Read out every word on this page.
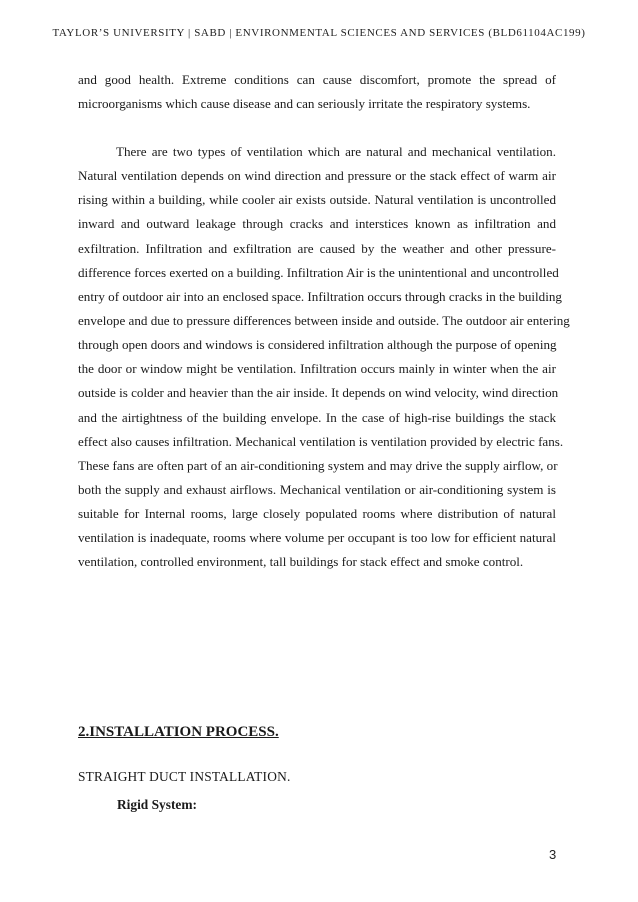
TAYLOR’S UNIVERSITY | SABD | ENVIRONMENTAL SCIENCES AND SERVICES (BLD61104AC199)
and good health. Extreme conditions can cause discomfort, promote the spread of
microorganisms which cause disease and can seriously irritate the respiratory systems.
There are two types of ventilation which are natural and mechanical ventilation.
Natural ventilation depends on wind direction and pressure or the stack effect of warm air
rising within a building, while cooler air exists outside. Natural ventilation is uncontrolled
inward and outward leakage through cracks and interstices known as infiltration and
exfiltration. Infiltration and exfiltration are caused by the weather and other pressure-
difference forces exerted on a building. Infiltration Air is the unintentional and uncontrolled
entry of outdoor air into an enclosed space. Infiltration occurs through cracks in the building
envelope and due to pressure differences between inside and outside. The outdoor air entering
through open doors and windows is considered infiltration although the purpose of opening
the door or window might be ventilation. Infiltration occurs mainly in winter when the air
outside is colder and heavier than the air inside. It depends on wind velocity, wind direction
and the airtightness of the building envelope. In the case of high-rise buildings the stack
effect also causes infiltration. Mechanical ventilation is ventilation provided by electric fans.
These fans are often part of an air-conditioning system and may drive the supply airflow, or
both the supply and exhaust airflows. Mechanical ventilation or air-conditioning system is
suitable for Internal rooms, large closely populated rooms where distribution of natural
ventilation is inadequate, rooms where volume per occupant is too low for efficient natural
ventilation, controlled environment, tall buildings for stack effect and smoke control.
2.INSTALLATION PROCESS.
STRAIGHT DUCT INSTALLATION.
Rigid System:
3
